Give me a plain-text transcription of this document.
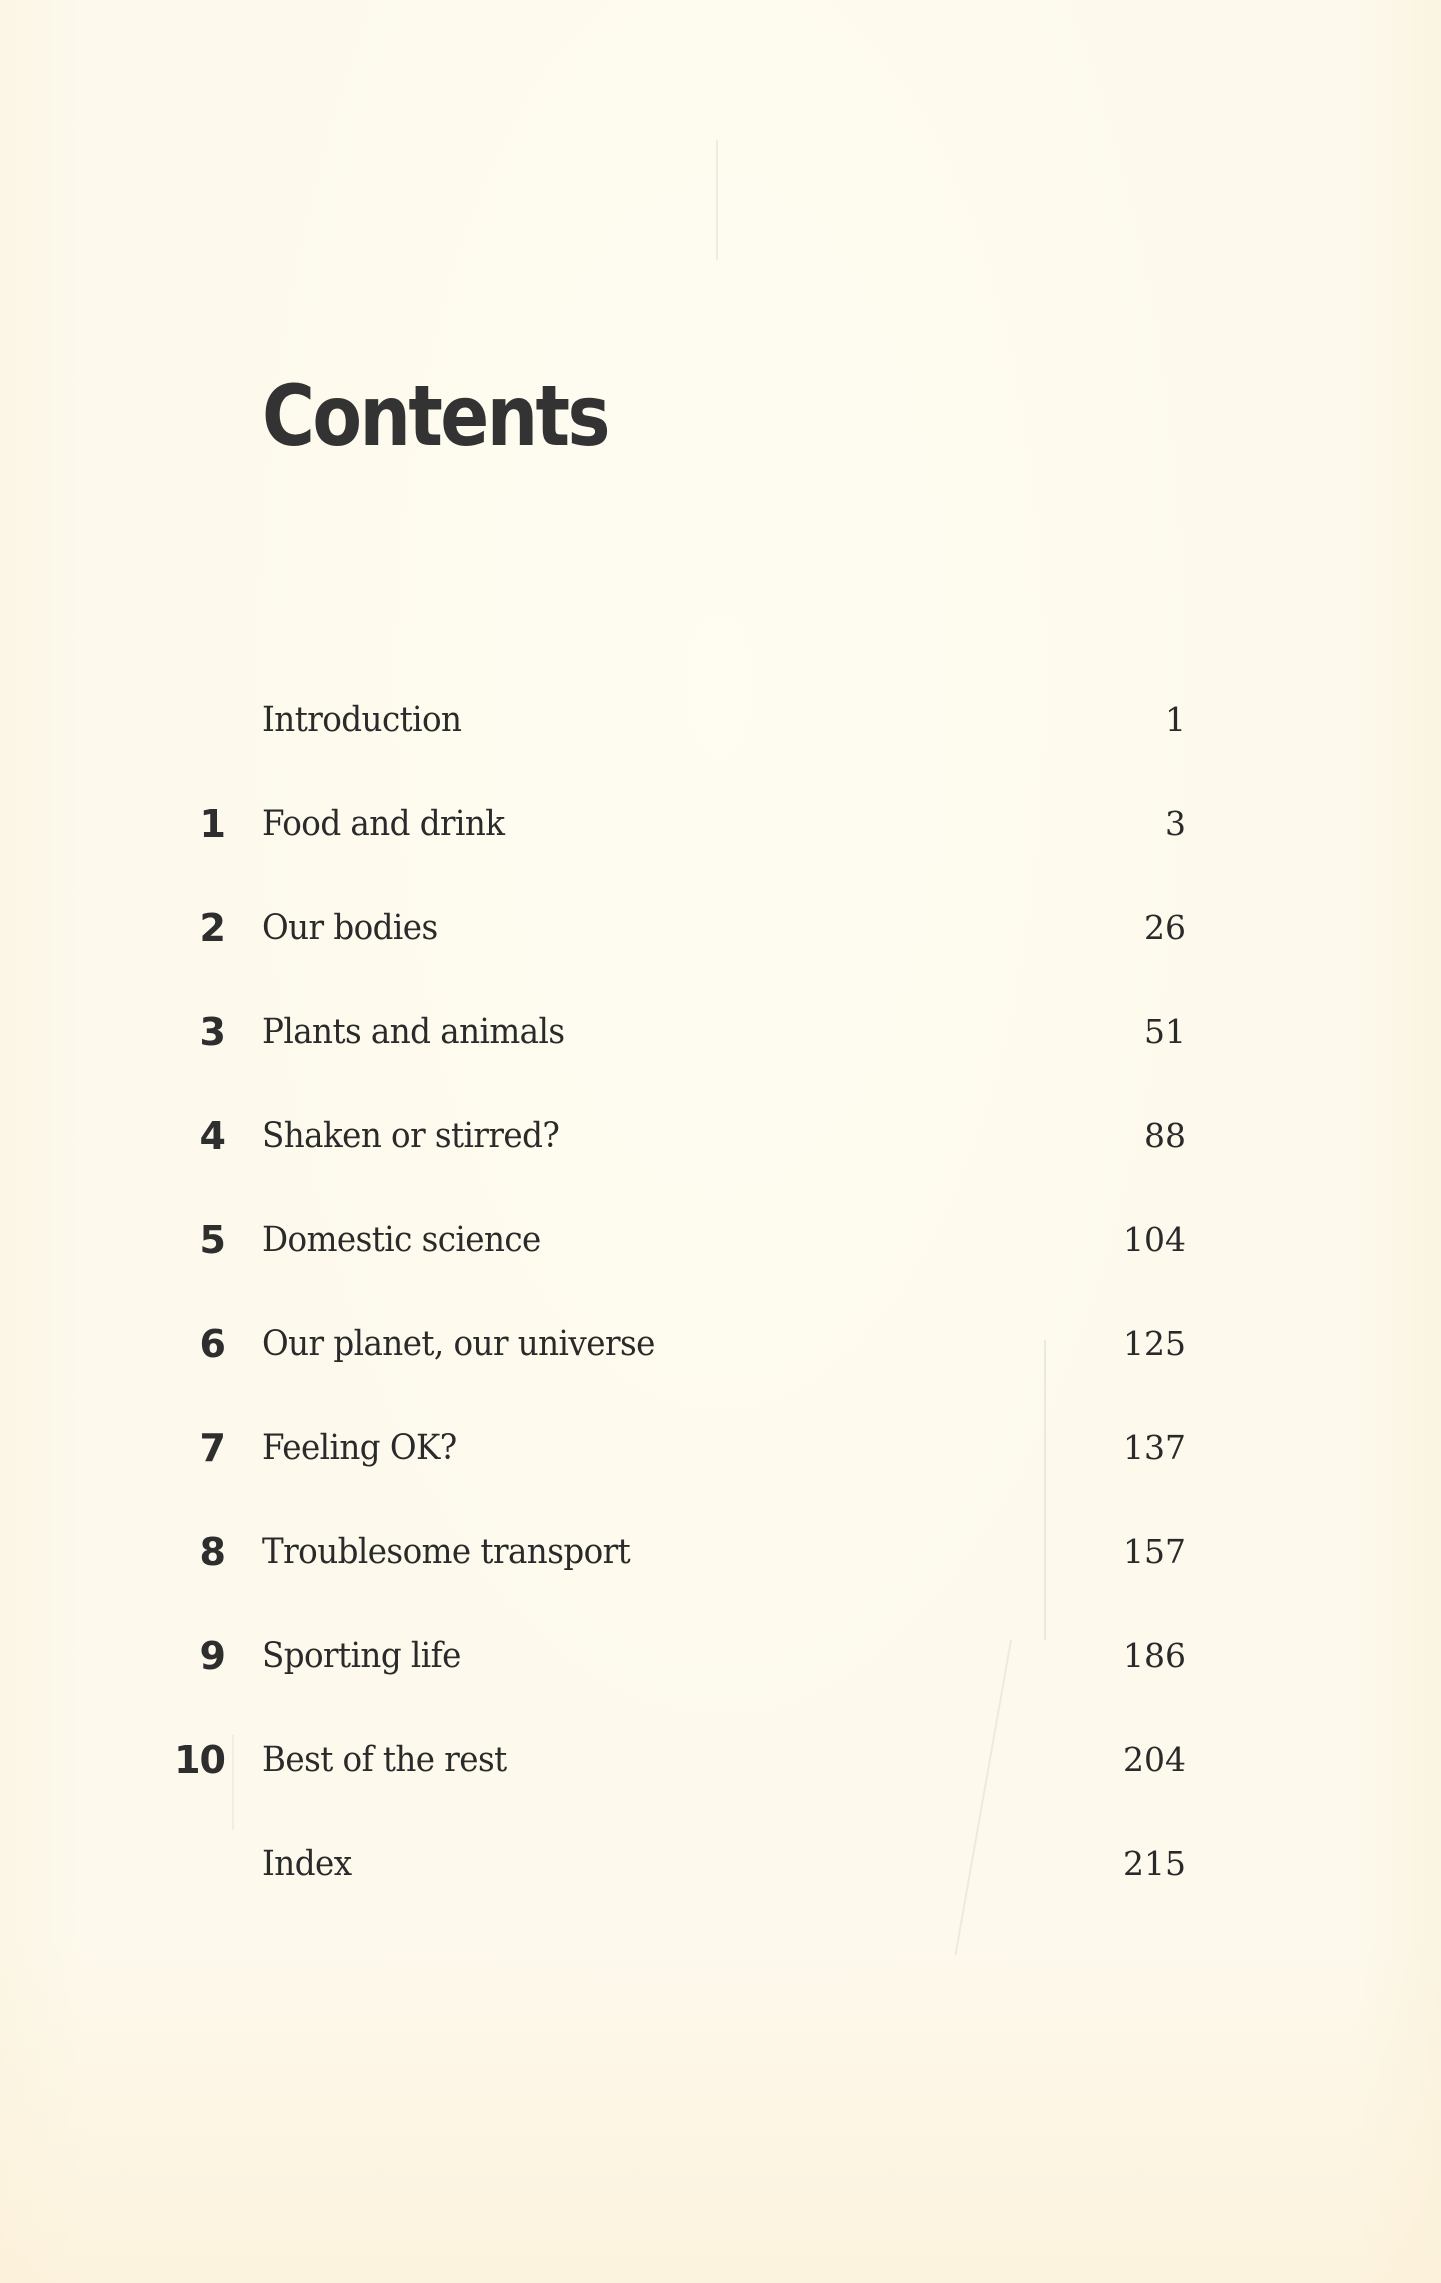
Contents
Introduction	1
1 Food and drink	3
2 Our bodies	26
3 Plants and animals	51
4 Shaken or stirred?	88
5 Domestic science	104
6 Our planet, our universe	125
7 Feeling OK?	137
8 Troublesome transport	157
9 Sporting life	186
10 Best of the rest	204
Index	215
